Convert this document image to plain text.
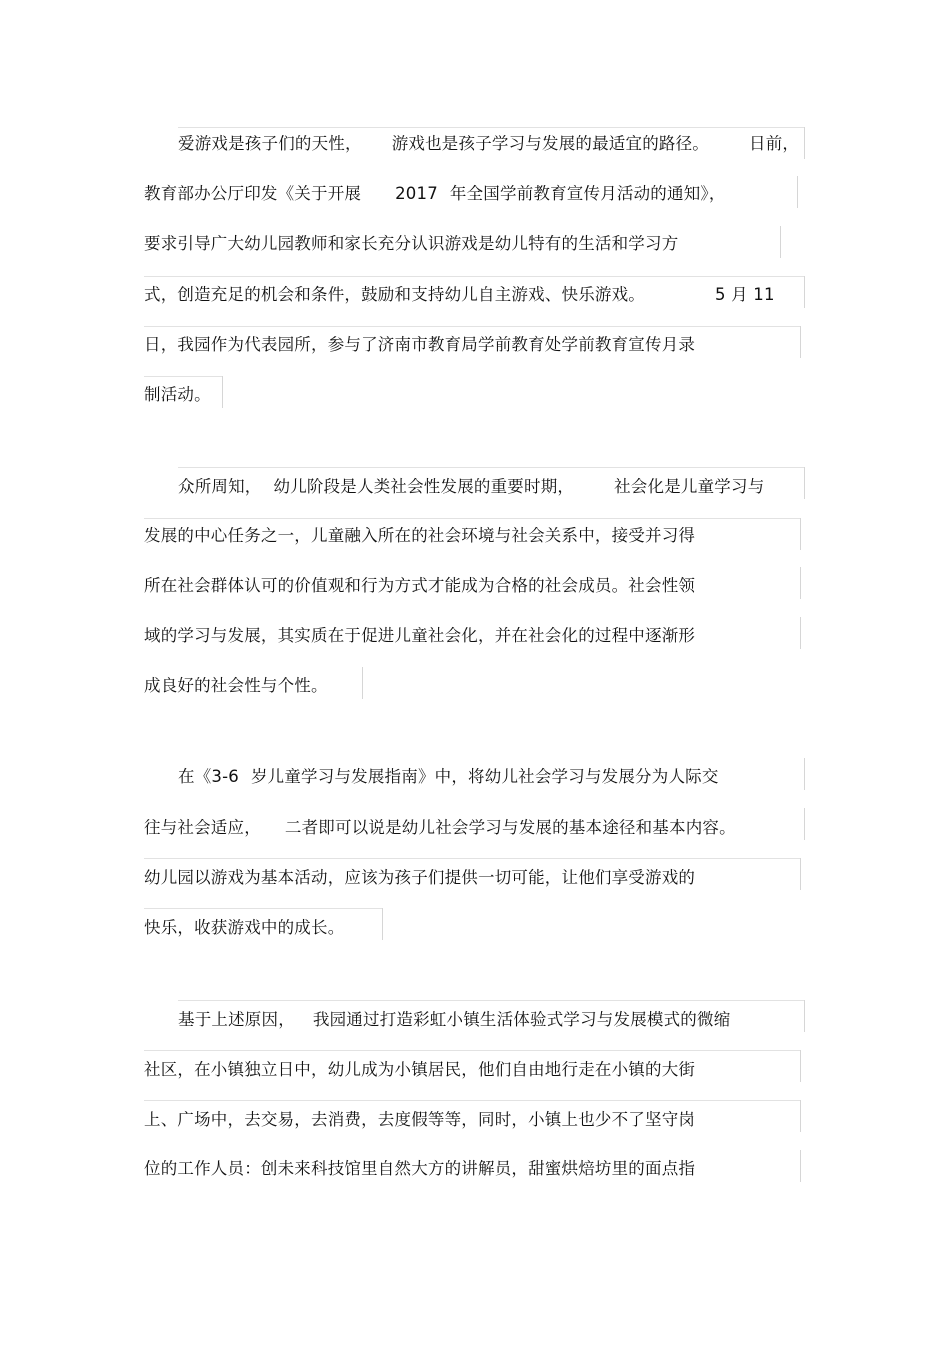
爱游戏是孩子们的天性， 游戏也是孩子学习与发展的最适宜的路径。 日前，
教育部办公厅印发《关于开展 2017 年全国学前教育宣传月活动的通知》，
要求引导广大幼儿园教师和家长充分认识游戏是幼儿特有的生活和学习方
式，创造充足的机会和条件，鼓励和支持幼儿自主游戏、快乐游戏。	5 月 11
日，我园作为代表园所，参与了济南市教育局学前教育处学前教育宣传月录
制活动。
众所周知， 幼儿阶段是人类社会性发展的重要时期， 社会化是儿童学习与
发展的中心任务之一，儿童融入所在的社会环境与社会关系中，接受并习得
所在社会群体认可的价值观和行为方式才能成为合格的社会成员。社会性领
域的学习与发展，其实质在于促进儿童社会化，并在社会化的过程中逐渐形
成良好的社会性与个性。
在《3-6 岁儿童学习与发展指南》中，将幼儿社会学习与发展分为人际交
往与社会适应， 二者即可以说是幼儿社会学习与发展的基本途径和基本内容。
幼儿园以游戏为基本活动，应该为孩子们提供一切可能，让他们享受游戏的
快乐，收获游戏中的成长。
基于上述原因， 我园通过打造彩虹小镇生活体验式学习与发展模式的微缩
社区，在小镇独立日中，幼儿成为小镇居民，他们自由地行走在小镇的大街
上、广场中，去交易，去消费，去度假等等，同时，小镇上也少不了坚守岗
位的工作人员：创未来科技馆里自然大方的讲解员，甜蜜烘焙坊里的面点指
